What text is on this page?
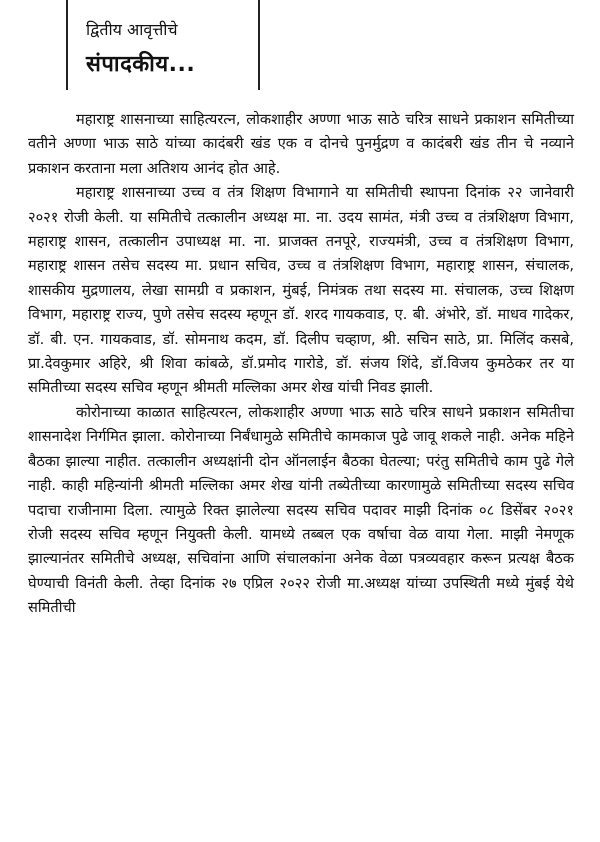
द्वितीय आवृत्तीचे
संपादकीय...

महाराष्ट्र शासनाच्या साहित्यरत्न, लोकशाहीर अण्णा भाऊ साठे चरित्र साधने प्रकाशन समितीच्या वतीने अण्णा भाऊ साठे यांच्या कादंबरी खंड एक व दोनचे पुनर्मुद्रण व कादंबरी खंड तीन चे नव्याने प्रकाशन करताना मला अतिशय आनंद होत आहे.

महाराष्ट्र शासनाच्या उच्च व तंत्र शिक्षण विभागाने या समितीची स्थापना दिनांक २२ जानेवारी २०२१ रोजी केली. या समितीचे तत्कालीन अध्यक्ष मा. ना. उदय सामंत, मंत्री उच्च व तंत्रशिक्षण विभाग, महाराष्ट्र शासन, तत्कालीन उपाध्यक्ष मा. ना. प्राजक्त तनपूरे, राज्यमंत्री, उच्च व तंत्रशिक्षण विभाग, महाराष्ट्र शासन तसेच सदस्य मा. प्रधान सचिव, उच्च व तंत्रशिक्षण विभाग, महाराष्ट्र शासन, संचालक, शासकीय मुद्रणालय, लेखा सामग्री व प्रकाशन, मुंबई, निमंत्रक तथा सदस्य मा. संचालक, उच्च शिक्षण विभाग, महाराष्ट्र राज्य, पुणे तसेच सदस्य म्हणून डॉ. शरद गायकवाड, ए. बी. अंभोरे, डॉ. माधव गादेकर, डॉ. बी. एन. गायकवाड, डॉ. सोमनाथ कदम, डॉ. दिलीप चव्हाण, श्री. सचिन साठे, प्रा. मिलिंद कसबे, प्रा.देवकुमार अहिरे, श्री शिवा कांबळे, डॉ.प्रमोद गारोडे, डॉ. संजय शिंदे, डॉ.विजय कुमठेकर तर या समितीच्या सदस्य सचिव म्हणून श्रीमती मल्लिका अमर शेख यांची निवड झाली.

कोरोनाच्या काळात साहित्यरत्न, लोकशाहीर अण्णा भाऊ साठे चरित्र साधने प्रकाशन समितीचा शासनादेश निर्गमित झाला. कोरोनाच्या निर्बंधामुळे समितीचे कामकाज पुढे जावू शकले नाही. अनेक महिने बैठका झाल्या नाहीत. तत्कालीन अध्यक्षांनी दोन ऑनलाईन बैठका घेतल्या; परंतु समितीचे काम पुढे गेले नाही. काही महिन्यांनी श्रीमती मल्लिका अमर शेख यांनी तब्येतीच्या कारणामुळे समितीच्या सदस्य सचिव पदाचा राजीनामा दिला. त्यामुळे रिक्त झालेल्या सदस्य सचिव पदावर माझी दिनांक ०८ डिसेंबर २०२१ रोजी सदस्य सचिव म्हणून नियुक्ती केली. यामध्ये तब्बल एक वर्षाचा वेळ वाया गेला. माझी नेमणूक झाल्यानंतर समितीचे अध्यक्ष, सचिवांना आणि संचालकांना अनेक वेळा पत्रव्यवहार करून प्रत्यक्ष बैठक घेण्याची विनंती केली. तेव्हा दिनांक २७ एप्रिल २०२२ रोजी मा.अध्यक्ष यांच्या उपस्थिती मध्ये मुंबई येथे समितीची
